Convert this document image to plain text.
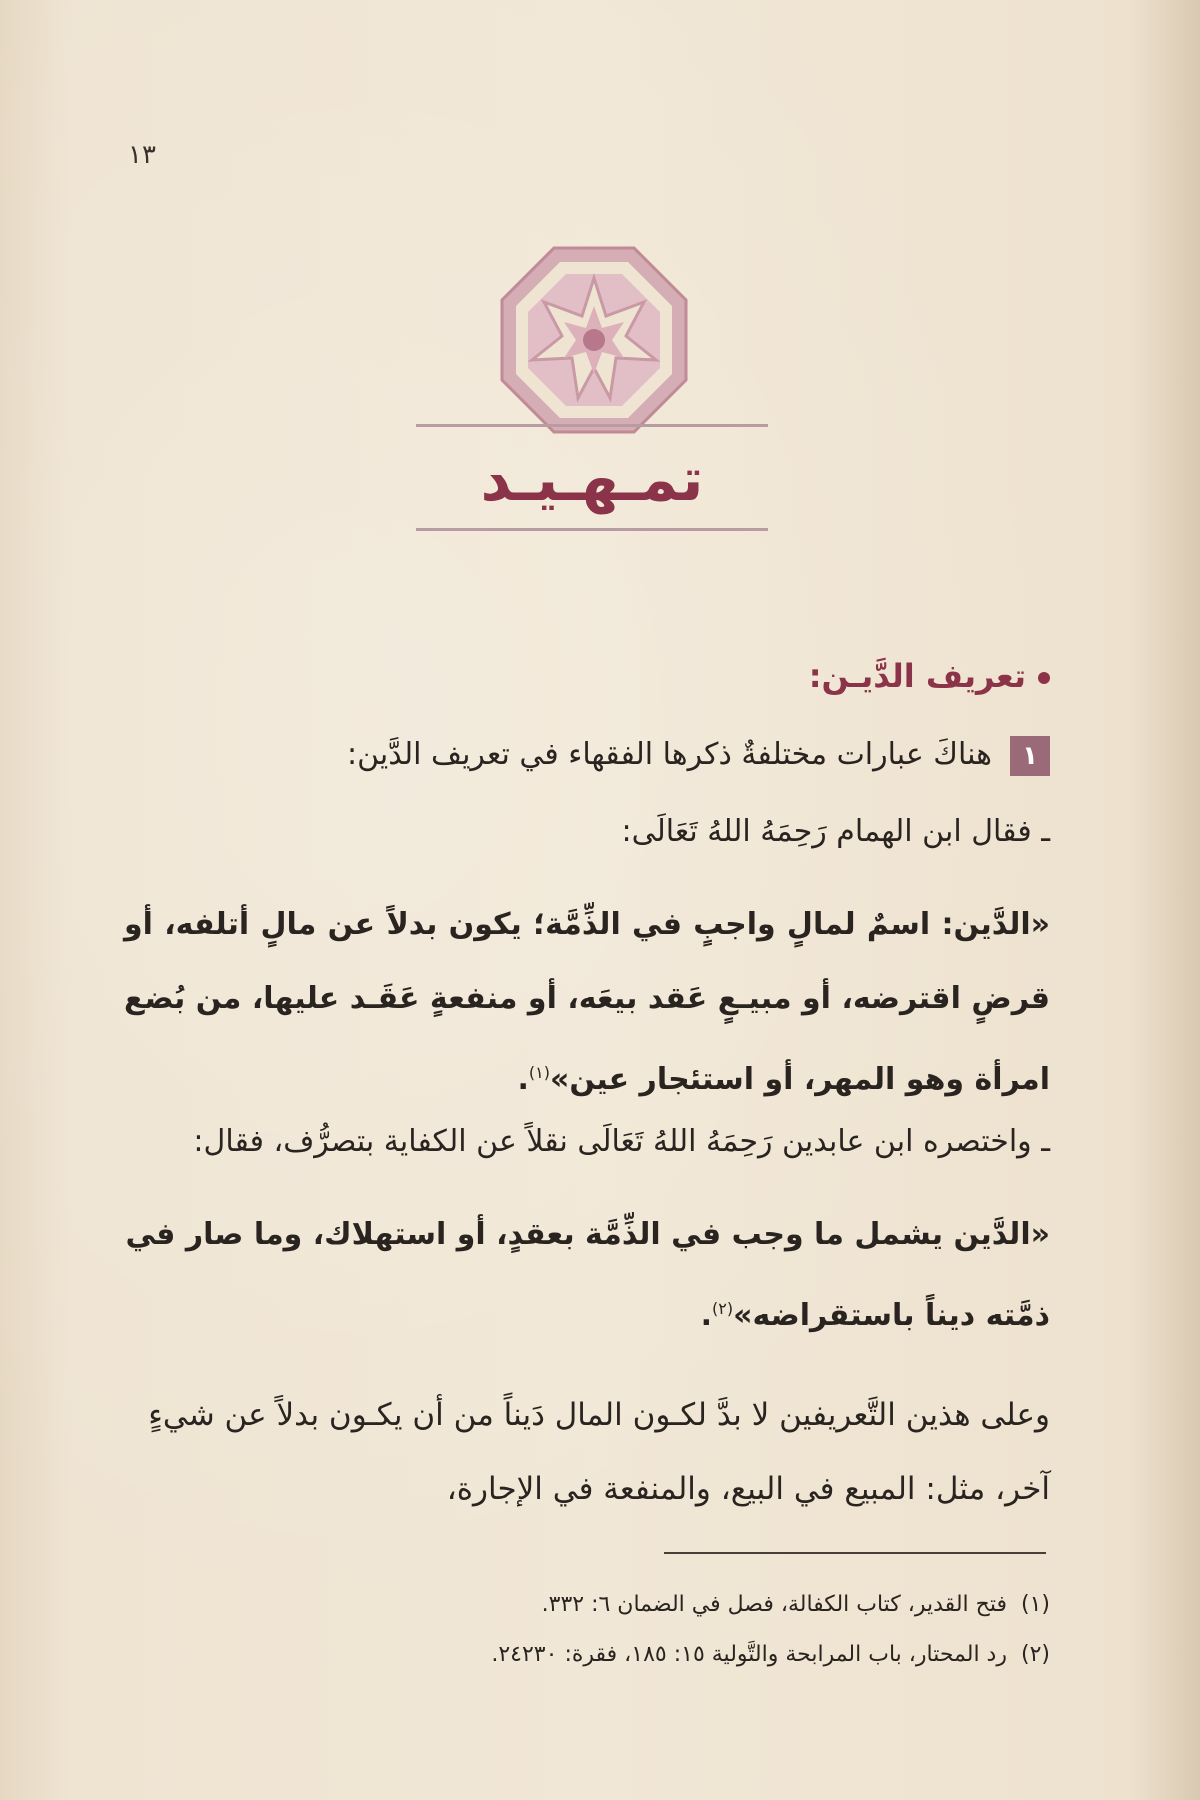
١٣
تمـهـيـد
تعريف الدَّيـن:
١هناكَ عبارات مختلفةٌ ذكرها الفقهاء في تعريف الدَّين:
ـ فقال ابن الهمام رَحِمَهُ اللهُ تَعَالَى:
«الدَّين: اسمٌ لمالٍ واجبٍ في الذِّمَّة؛ يكون بدلاً عن مالٍ أتلفه، أو قرضٍ اقترضه، أو مبيـعٍ عَقد بيعَه، أو منفعةٍ عَقَـد عليها، من بُضع امرأة وهو المهر، أو استئجار عين»$^{(١)}$.
ـ واختصره ابن عابدين رَحِمَهُ اللهُ تَعَالَى نقلاً عن الكفاية بتصرُّف، فقال:
«الدَّين يشمل ما وجب في الذِّمَّة بعقدٍ، أو استهلاك، وما صار في ذمَّته ديناً باستقراضه»$^{(٢)}$.
وعلى هذين التَّعريفين لا بدَّ لكـون المال دَيناً من أن يكـون بدلاً عن شيءٍ آخر، مثل: المبيع في البيع، والمنفعة في الإجارة،
(١)فتح القدير، كتاب الكفالة، فصل في الضمان ٦: ٣٣٢.
(٢)رد المحتار، باب المرابحة والتَّولية ١٥: ١٨٥، فقرة: ٢٤٢٣٠.
